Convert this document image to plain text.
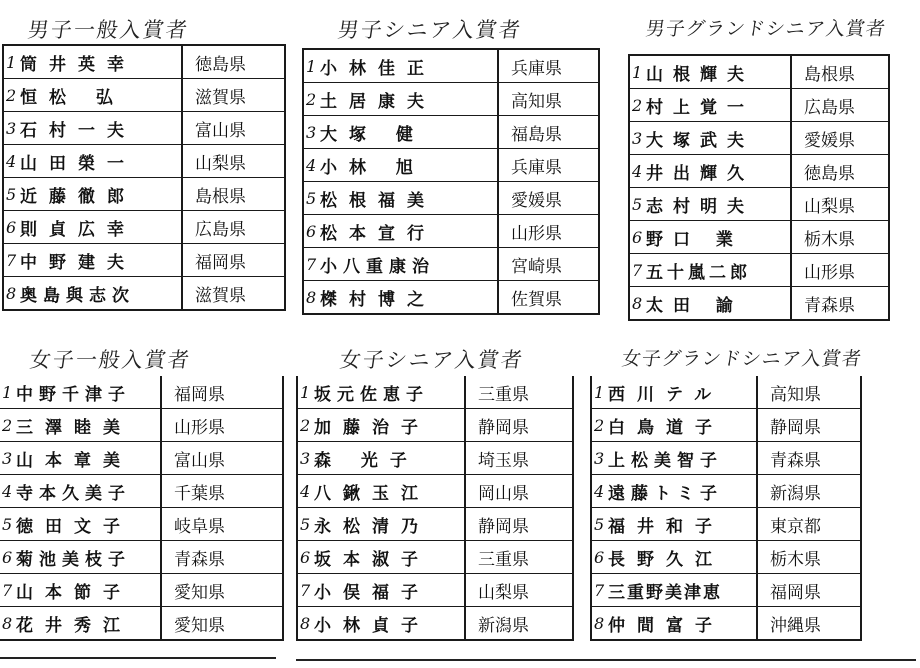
男子一般入賞者
1 筒井英幸	徳島県
2 恒松 弘	滋賀県
3 石村一夫	富山県
4 山田榮一	山梨県
5 近藤徹郎	島根県
6 則貞広幸	広島県
7 中野建夫	福岡県
8 奥島與志次	滋賀県
男子シニア入賞者
1 小林佳正	兵庫県
2 土居康夫	高知県
3 大塚 健	福島県
4 小林 旭	兵庫県
5 松根福美	愛媛県
6 松本宣行	山形県
7 小八重康治	宮崎県
8 榤村博之	佐賀県
男子グランドシニア入賞者
1 山根輝夫	島根県
2 村上覚一	広島県
3 大塚武夫	愛媛県
4 井出輝久	徳島県
5 志村明夫	山梨県
6 野口 業	栃木県
7 五十嵐二郎	山形県
8 太田 諭	青森県
女子一般入賞者
1 中野千津子	福岡県
2 三澤睦美	山形県
3 山本章美	富山県
4 寺本久美子	千葉県
5 徳田文子	岐阜県
6 菊池美枝子	青森県
7 山本節子	愛知県
8 花井秀江	愛知県
女子シニア入賞者
1 坂元佐恵子	三重県
2 加藤治子	静岡県
3 森 光子	埼玉県
4 八鍬玉江	岡山県
5 永松清乃	静岡県
6 坂本淑子	三重県
7 小俣福子	山梨県
8 小林貞子	新潟県
女子グランドシニア入賞者
1 西川テル	高知県
2 白鳥道子	静岡県
3 上松美智子	青森県
4 遠藤トミ子	新潟県
5 福井和子	東京都
6 長野久江	栃木県
7 三重野美津恵	福岡県
8 仲間富子	沖縄県
